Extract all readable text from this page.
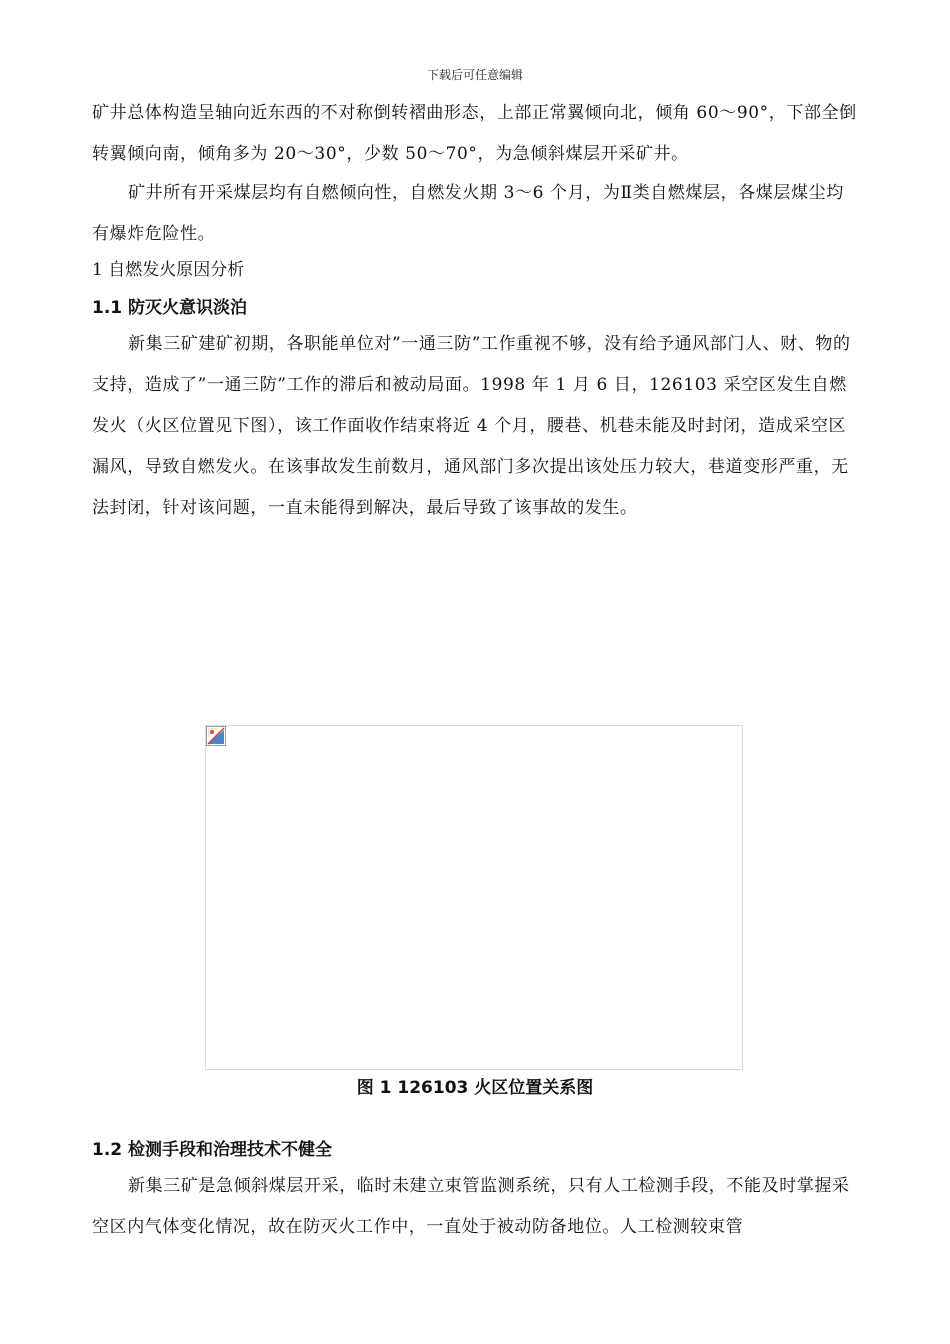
下载后可任意编辑

矿井总体构造呈轴向近东西的不对称倒转褶曲形态，上部正常翼倾向北，倾角 60～90°，下部全倒转翼倾向南，倾角多为 20～30°，少数 50～70°，为急倾斜煤层开采矿井。

矿井所有开采煤层均有自燃倾向性，自燃发火期 3～6 个月，为Ⅱ类自燃煤层，各煤层煤尘均有爆炸危险性。

1 自燃发火原因分析

1.1 防灭火意识淡泊

新集三矿建矿初期，各职能单位对”一通三防”工作重视不够，没有给予通风部门人、财、物的支持，造成了”一通三防”工作的滞后和被动局面。1998 年 1 月 6 日，126103 采空区发生自燃发火（火区位置见下图），该工作面收作结束将近 4 个月，腰巷、机巷未能及时封闭，造成采空区漏风，导致自燃发火。在该事故发生前数月，通风部门多次提出该处压力较大，巷道变形严重，无法封闭，针对该问题，一直未能得到解决，最后导致了该事故的发生。

图 1 126103 火区位置关系图

1.2 检测手段和治理技术不健全

新集三矿是急倾斜煤层开采，临时未建立束管监测系统，只有人工检测手段，不能及时掌握采空区内气体变化情况，故在防灭火工作中，一直处于被动防备地位。人工检测较束管
